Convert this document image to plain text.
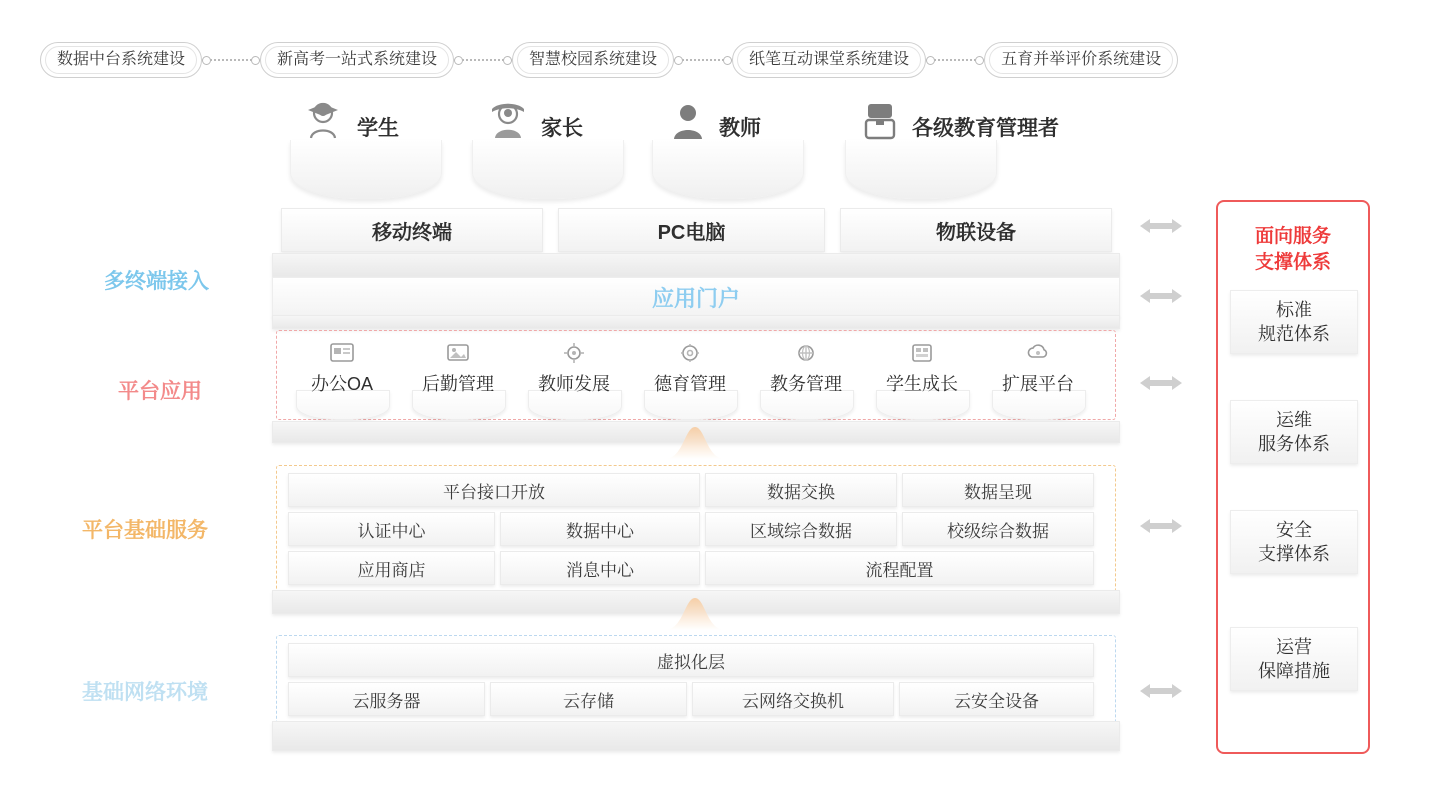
数据中台系统建设	新高考一站式系统建设	智慧校园系统建设	纸笔互动课堂系统建设	五育并举评价系统建设
学生	家长	教师	各级教育管理者
多终端接入
平台应用
平台基础服务
基础网络环境
移动终端	PC电脑	物联设备
应用门户
办公OA	后勤管理	教师发展	德育管理	教务管理	学生成长	扩展平台
平台接口开放	数据交换	数据呈现
认证中心	数据中心	区域综合数据	校级综合数据
应用商店	消息中心	流程配置
虚拟化层
云服务器	云存储	云网络交换机	云安全设备
面向服务
支撑体系
标准
规范体系
运维
服务体系
安全
支撑体系
运营
保障措施
